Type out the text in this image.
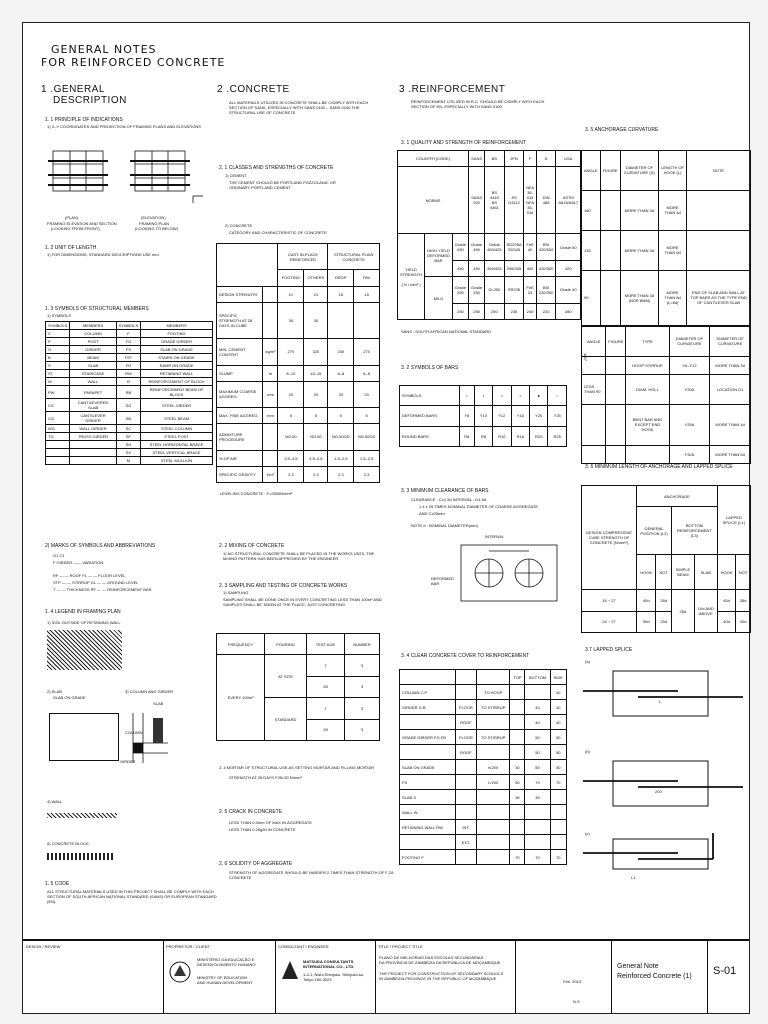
GENERAL NOTES
FOR REINFORCED CONCRETE
1 .GENERAL
DESCRIPTION
1. 1 PRINCIPLE OF INDICATIONS
1) X–Y COORDINATES AND PROJECTION OF FRAMING PLANS AND ELEVATIONS
(PLAN)
FRAMING ELEVATION AND SECTION
(LOOKING FROM FRONT)
(ELEVATION)
FRAMING PLAN
(LOOKING TO BELOW)
1. 2 UNIT OF LENGTH
1) FOR DIMENSIONS, STANDARD DESCRIPTIONS USE mm
1. 3 SYMBOLS OF STRUCTURAL MEMBERS
1) SYMBOLS
SYMBOLS	MEMBERS	SYMBOLS	MEMBERS
C	COLUMN	F	FOOTING
P	POST	FG	GRADE GIRDER
G	GIRDER	FS	SLAB ON GRADE
B	BEAM	FST	STAIRS ON GRADE
S	SLAB	FR	RAMP ON GRADE
ST	STAIRCASE	RW	RETAINING WALL
W	WALL	R	REINFORCEMENT OF BLOCK
PW	PARAPET	RB	REINFORCEMENT BEAM OF BLOCK
CS	CANTILEVERED SLAB	SG	STEEL GIRDER
CG	CANTILEVER GIRDER	SB	STEEL BEAM
WG	WALL GIRDER	SC	STEEL COLUMN
TG	TRUSS GIRDER	SP	STEEL POST
		SH	STEEL HORIZONTAL BRACE
		SV	STEEL VERTICAL BRACE
		M	STEEL MULLION
2) MARKS OF SYMBOLS AND ABBREVIATIONS
G1 C1
F GIRDER —— VARIATION
RF — — ROOF FL — — FLOOR LEVEL
STP — — STIRRUP GL — — GROUND LEVEL
T — — THICKNESS RF — — REINFORCEMENT BAR
1. 4 LEGEND IN FRAMING PLAN
1) SOIL OUTSIDE OF RETAINING WALL
2) SLAB
SLAB ON GRADE
3) COLUMN AND GIRDER
SLAB
COLUMN
GIRDER
4) WALL
5) CONCRETE BLOCK
1. 5 CODE
ALL STRUCTURAL MATERIALS USED IN THIS PROJECT SHALL BE COMPLY WITH EACH SECTION OF SOUTH AFRICAN NATIONAL STANDARD (SANS) OR EUROPEAN STANDARD (EN).
2 .CONCRETE
ALL MATERIALS UTILIZED IN CONCRETE SHALL BE COMPLY WITH EACH SECTION OF SANS, ESPECIALLY WITH SANS 0100 – SANS 0100 THE STRUCTURAL USE OF CONCRETE
2. 1 CLASSES AND STRENGTHS OF CONCRETE
1) CEMENT
THE CEMENT SHOULD BE PORTLAND POZZOLANIC OR ORDINARY PORTLAND CEMENT
2) CONCRETE
CATEGORY AND CHARACTERISTIC OF CONCRETE
		CAST-IN-PLACE REINFORCED		STRUCTURAL PLAIN CONCRETE	
		FOOTING	OTHERS	DROP	PAV
DESIGN STRENGTH		21	21	15	15
SPECIFIC STRENGTH AT 28 DAYS IN CUBE		30	30		
MIN. CEMENT CONTENT	kg/m³	270	320	230	270
SLUMP	m	8–10	10–15	6–8	6–8
MAXIMUM COARSE AGGREG.	mm	20	20	20	20
MAX. FINE AGGREG.	mm	5	5	5	5
ADMIXTURE PROCEDURE		NO.50	NO.50	NO.50OD	NO.50OD
% OF AIR		3.5–4.5	3.5–4.5	1.5–2.5	1.5–2.5
SPECIFIC GRAVITY	t/m³	2.3	2.3	2.3	2.3
LEVELING CONCRETE : F=2500N/mm²
2. 2 MIXING OF CONCRETE
1) NO STRUCTURAL CONCRETE SHALL BE PLACED IN THE WORKS UNTIL THE MIXING PATTERN HAS BEEN APPROVED BY THE ENGINEER.
2. 3 SAMPLING AND TESTING OF CONCRETE WORKS
1) SAMPLING
SAMPLING SHALL BE DONE ONCE IN EVERY CONCRETING LESS THAN 100m³ AND SAMPLES SHALL BE TAKEN AT THE PLACE, JUST CONCRETING
FREQUENCY	POURING	TEST AGE	NUMBER
EVERY 100m³	AT SITE	7	3
		28	3
	STANDARD	7	3
		28	3
2. 4 MORTAR OF STRUCTURAL USE AS SETTING MORTAR AND FILLING MORTAR
STRENGTH AT 28 DAYS F28=30 N/mm²
2. 5 CRACK IN CONCRETE
LESS THAN 0.0mm OF MAX IN AGGREGATE
LESS THAN 0.25g/M IN CONCRETE
2. 6 SOLIDITY OF AGGREGATE
STRENGTH OF AGGREGATE SHOULD BE HARDER 2 TIMES THAN STRENGTH OF F-28 CONCRETE
3 .REINFORCEMENT
REINFORCEMENT UTILIZED IN R.C. SHOULD BE COMPLY WITH EACH SECTION OF EN, ESPECIALLY WITH SANS 0100
3. 1 QUALITY AND STRENGTH OF REINFORCEMENT
COUNTRY(CODE)			SANS	BS	JPN	F	D	USA
NORMS			SANS 920	BS 4449 BS 4461	JIS G3112	NFA 35-015 NFA 35-016	DIN 488	ASTM A615/A617
YIELD STRENGTH

( N / mm² )	HIGH YIELD DEFORMED BAR	Grade 450	Grade 450	Grade 460/425	SD295A SD345	FeE 40	BSt 420/500	Grade 60
		450	450	460/425	295/345	400	420/500	420
	MILD	Grade 250	Grade 250	Gr.250	SR235	FeE 24	BSt 220/300	Grade 40
		250	250	250	235	240	220	280
SANS : SOUTH AFRICAN NATIONAL STANDARD
3. 2 SYMBOLS OF BARS
SYMBOLS	•	•	×	•	●	○
DEFORMED BARS	Y8	Y10	Y12	Y16	Y20	Y25
ROUND BARS	R6	R8	R10	R16	R20	R25
3. 3 MINIMUM CLEARANCE OF BARS
CLEARANCE : C≥1.5d INTERVAL : I≥1.5d
1.4 x 25 TIMES NOMINAL DIAMETER OF COARSE AGGREGATE
AND C≥25mm
NOTE d : NOMINAL DIAMETER(mm)
INTERVAL
DEFORMED BAR
3. 4 CLEAR CONCRETE COVER TO REINFORCEMENT
			TOP	BOTTOM	SIDE
COLUMN C,P		TO HOOP			40
GIRDER G,B	FLOOR	TO STIRRUP		40	40
	ROOF			40	40
GRADE GIRDER FG,FB	FLOOR	TO STIRRUP		50	50
	ROOF			50	50
SLAB ON GRADE		t≤200	30	50	30
FS		t>200	50	70	70
SLAB S			30	30	
WALL W					
RETAINING WALL RW	INT.				
	EXT.				
FOOTING F			70	70	70
3. 5 ANCHORAGE CURVATURE
ANGLE	FIGURE	DIAMETER OF CURVATURE (D)	LENGTH OF HOOK (L)	NOTE
180		MORE THAN 3d	MORE THAN 4d	
135		MORE THAN 3d	MORE THAN 6d	
90		MORE THAN 3d (NOR 8MM)	MORE THAN 8d (L=8d)	END OF SLAB AND WALL AT TOP BARS AS THE TYPE END OF CANTILEVER SLAB
ANGLE	FIGURE	TYPE	DIAMETER OF CURVATURE	DIAMETER OF CURVATURE
		HOOP STIRRUP	Y6–Y12	MORE THAN 3d
LESS THAN 90		DIAM. HOLL	Y20A	LOCATION D1
		BENT BAR AND EXCEPT END HOOK	Y25A	MORE THAN 4d
			Y32A	MORE THAN 5d
180°
3. 6 MINIMUM LENGTH OF ANCHORAGE AND LAPPED SPLICE
DESIGN COMPRESSIVE CUBE STRENGTH OF CONCRETE (N/mm²)	ANCHORAGE				LAPPED SPLICE (L1)	
	GENERAL POSITION (L2)		BOTTOM REINFORCEMENT (L3)			
	HOOK	NOT	SIMPLE BEAM	SLAB	HOOK	NOT
16 ~ 27	40d	35d	25d	10d AND ABOVE	45d	35d
24 ~ 27	35d	25d			40d	30d
3.7 LAPPED SPLICE
(a)
(b)
(c)
L
200
L1
DESIGN / REVIEW	PROPRIETOR / CLIENT
MINISTÉRIO DA EDUCAÇÃO E
DESENVOLVIMENTO HUMANO
MINISTRY OF EDUCATION
AND HUMAN DEVELOPMENT
CONSULTANT / ENGINEER
MATSUDA CONSULTANTS
INTERNATIONAL CO., LTD.
1-4-1, Nishi-Shinjuku, Shinjuku-ku, Tokyo 160-0023
TITLE / PROJECT TITLE
PLANO DE MELHORIAS DAS ESCOLAS SECUNDÁRIAS
DA PROVÍNCIA DE ZAMBÉZIA DA REPÚBLICA DE MOÇAMBIQUE
THE PROJECT FOR CONSTRUCTION OF SECONDARY SCHOOLS
IN ZAMBEZIA PROVINCE IN THE REPUBLIC OF MOZAMBIQUE
Feb. 2013
N.S
General Note
Reinforced Concrete (1) S-01
